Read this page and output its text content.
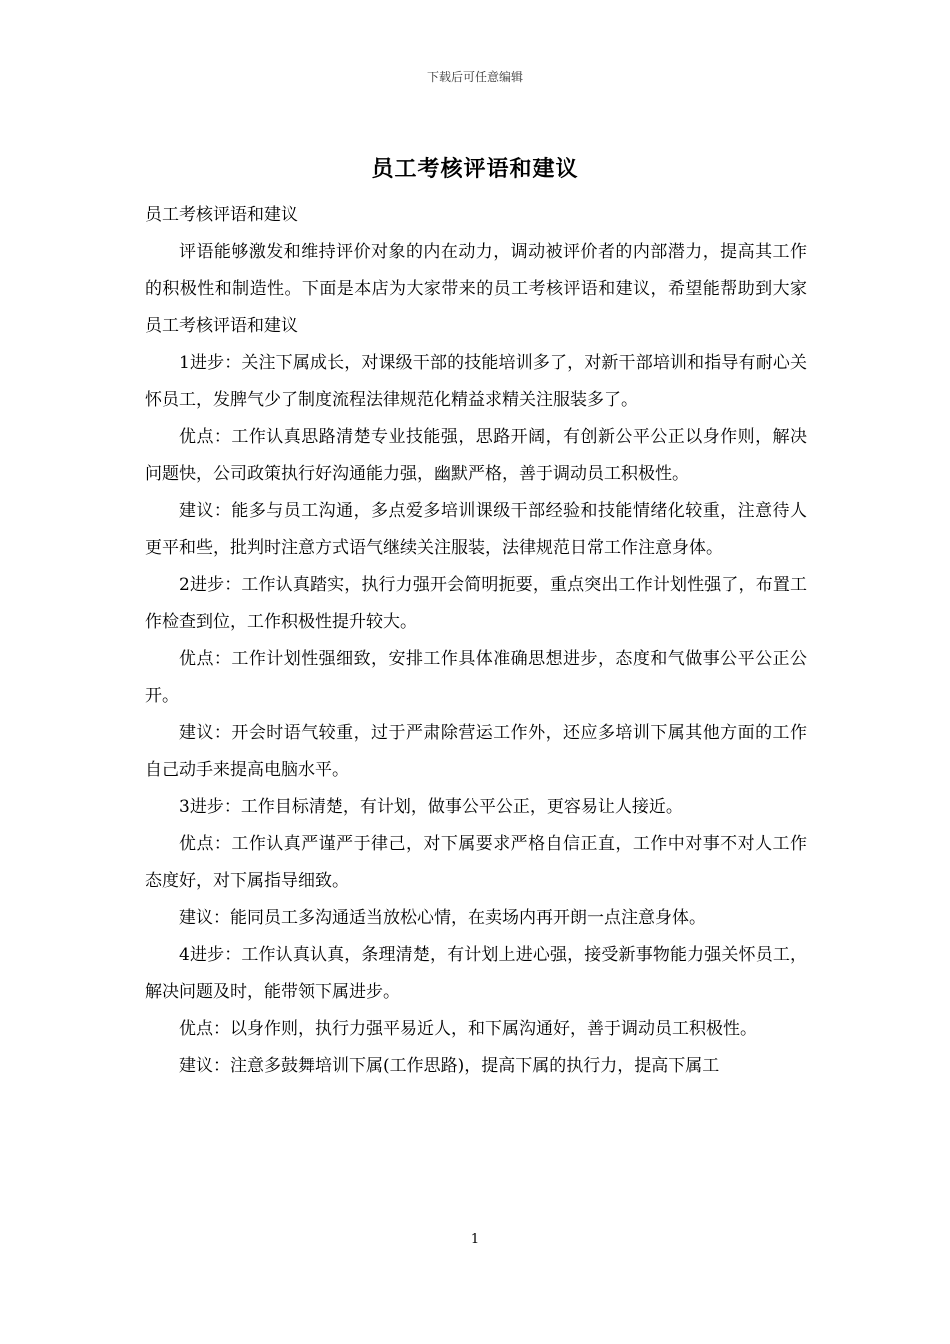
下载后可任意编辑
员工考核评语和建议

员工考核评语和建议

评语能够激发和维持评价对象的内在动力，调动被评价者的内部潜力，提高其工作的积极性和制造性。下面是本店为大家带来的员工考核评语和建议，希望能帮助到大家员工考核评语和建议

1进步：关注下属成长，对课级干部的技能培训多了，对新干部培训和指导有耐心关怀员工，发脾气少了制度流程法律规范化精益求精关注服装多了。

优点：工作认真思路清楚专业技能强，思路开阔，有创新公平公正以身作则，解决问题快，公司政策执行好沟通能力强，幽默严格，善于调动员工积极性。

建议：能多与员工沟通，多点爱多培训课级干部经验和技能情绪化较重，注意待人更平和些，批判时注意方式语气继续关注服装，法律规范日常工作注意身体。

2进步：工作认真踏实，执行力强开会简明扼要，重点突出工作计划性强了，布置工作检查到位，工作积极性提升较大。

优点：工作计划性强细致，安排工作具体准确思想进步，态度和气做事公平公正公开。

建议：开会时语气较重，过于严肃除营运工作外，还应多培训下属其他方面的工作自己动手来提高电脑水平。

3进步：工作目标清楚，有计划，做事公平公正，更容易让人接近。

优点：工作认真严谨严于律己，对下属要求严格自信正直，工作中对事不对人工作态度好，对下属指导细致。

建议：能同员工多沟通适当放松心情，在卖场内再开朗一点注意身体。

4进步：工作认真认真，条理清楚，有计划上进心强，接受新事物能力强关怀员工，解决问题及时，能带领下属进步。

优点：以身作则，执行力强平易近人，和下属沟通好，善于调动员工积极性。

建议：注意多鼓舞培训下属(工作思路)，提高下属的执行力，提高下属工

1
